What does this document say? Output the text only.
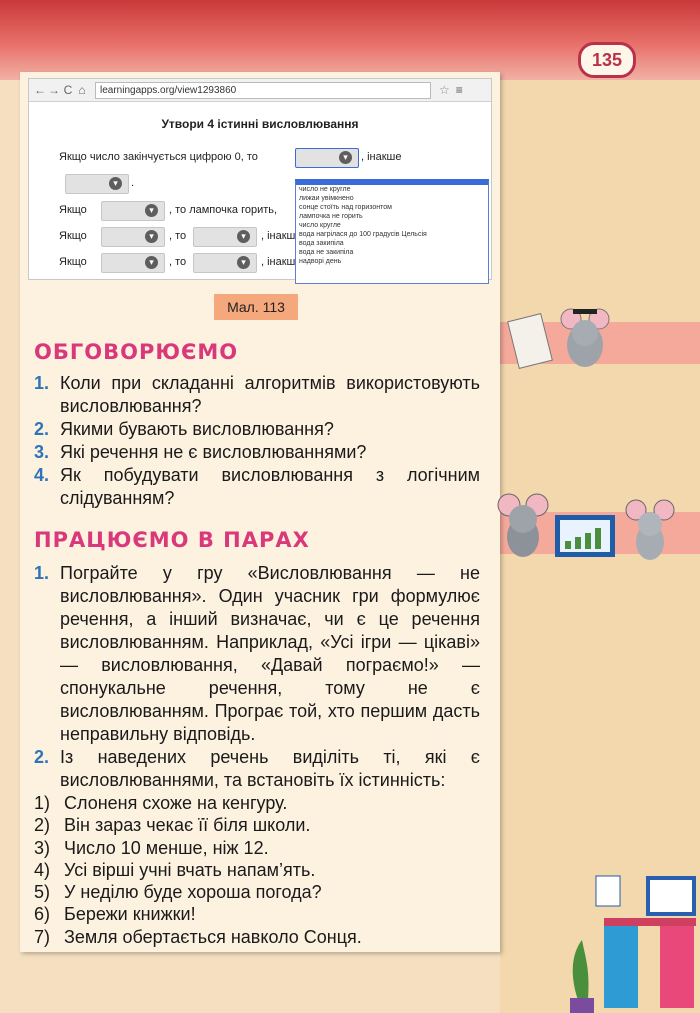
135
← → C ⌂	learningapps.org/view1293860	☆ ≡
Утвори 4 істинні висловлювання
Якщо число закінчується цифрою 0, то	▾	, інакше
▾	.
Якщо	▾	, то лампочка горить,
Якщо	▾	, то	▾	, інакш
Якщо	▾	, то	▾	, інакш
число не кругле
лижаи увімкнено
сонце стоїть над горизонтом
лампочка не горить
число кругле
вода нагрілася до 100 градусів Цельсія
вода закипіла
вода не закипіла
надворі день
Мал. 113
ОБГОВОРЮЄМО
1. Коли при складанні алгоритмів використовують висловлювання?
2. Якими бувають висловлювання?
3. Які речення не є висловлюваннями?
4. Як побудувати висловлювання з логічним слідуванням?
ПРАЦЮЄМО В ПАРАХ
1. Пограйте у гру «Висловлювання — не висловлювання». Один учасник гри формулює речення, а інший визначає, чи є це речення висловлюванням. Наприклад, «Усі ігри — цікаві» — висловлювання, «Давай пограємо!» — спонукальне речення, тому не є висловлюванням. Програє той, хто першим дасть неправильну відповідь.
2. Із наведених речень виділіть ті, які є висловлюваннями, та встановіть їх істинність:
1) Слоненя схоже на кенгуру.
2) Він зараз чекає її біля школи.
3) Число 10 менше, ніж 12.
4) Усі вірші учні вчать напам’ять.
5) У неділю буде хороша погода?
6) Бережи книжки!
7) Земля обертається навколо Сонця.
